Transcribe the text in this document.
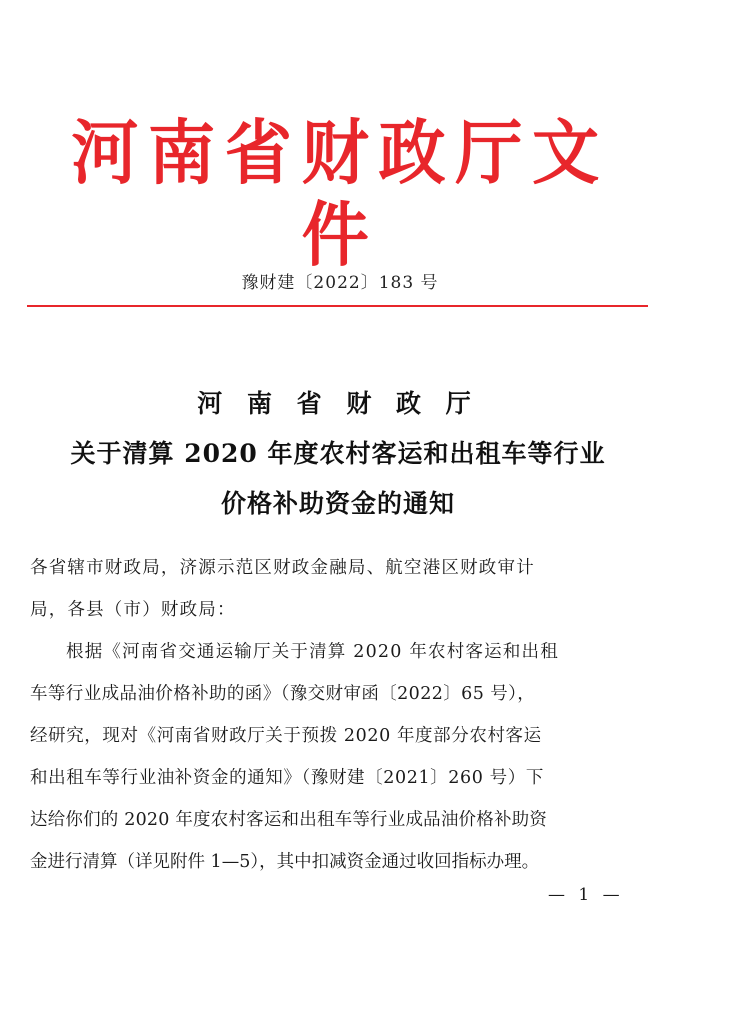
河南省财政厅文件
豫财建〔2022〕183 号
河 南 省 财 政 厅
关于清算 2020 年度农村客运和出租车等行业
价格补助资金的通知
各省辖市财政局，济源示范区财政金融局、航空港区财政审计
局，各县（市）财政局：
根据《河南省交通运输厅关于清算 2020 年农村客运和出租
车等行业成品油价格补助的函》（豫交财审函〔2022〕65 号），
经研究，现对《河南省财政厅关于预拨 2020 年度部分农村客运
和出租车等行业油补资金的通知》（豫财建〔2021〕260 号）下
达给你们的 2020 年度农村客运和出租车等行业成品油价格补助资
金进行清算（详见附件 1—5），其中扣减资金通过收回指标办理。
— 1 —
